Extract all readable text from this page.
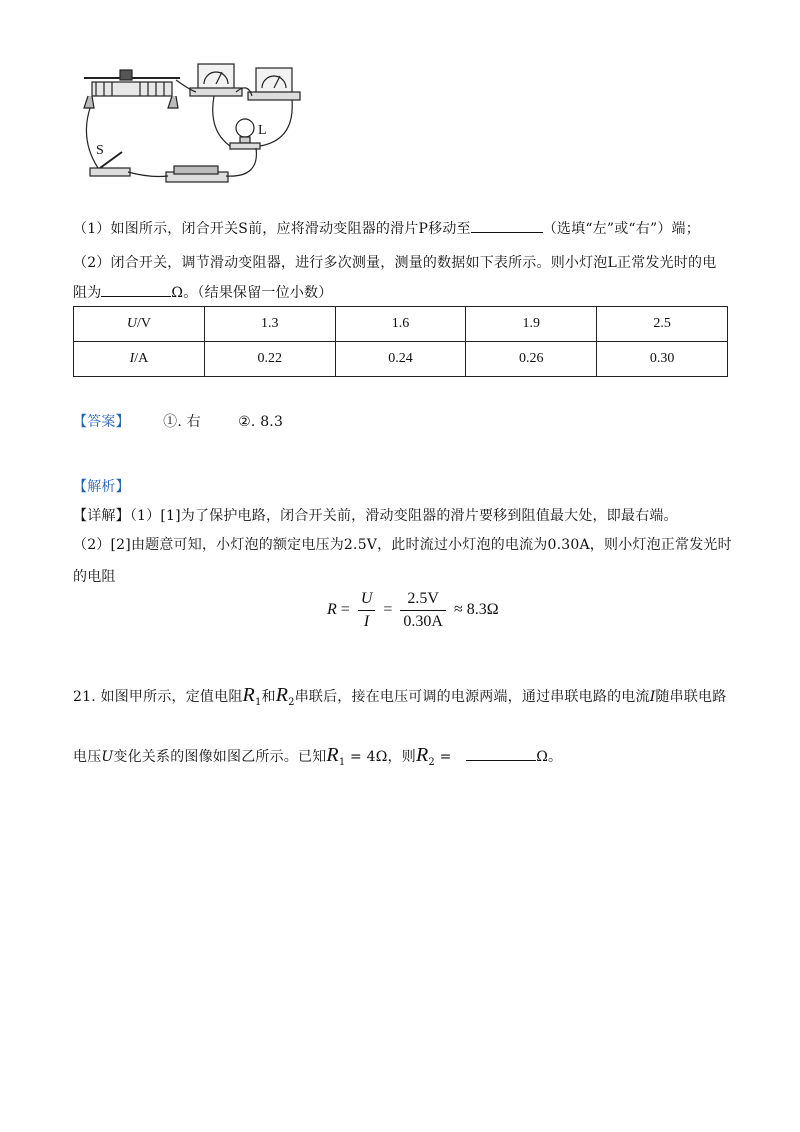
S
L
（1）如图所示，闭合开关S前，应将滑动变阻器的滑片P移动至	（选填“左”或“右”）端；
（2）闭合开关，调节滑动变阻器，进行多次测量，测量的数据如下表所示。则小灯泡L正常发光时的电
阻为	Ω。（结果保留一位小数）
U/V	1.3	1.6	1.9	2.5
I/A	0.22	0.24	0.26	0.30
【答案】 ①. 右	②. 8.3
【解析】
【详解】（1）[1]为了保护电路，闭合开关前，滑动变阻器的滑片要移到阻值最大处，即最右端。
（2）[2]由题意可知，小灯泡的额定电压为2.5V，此时流过小灯泡的电流为0.30A，则小灯泡正常发光时
的电阻
$R = \frac{U}{I} = \frac{2.5V}{0.30A} \approx 8.3\Omega$
21. 如图甲所示，定值电阻$R_1$和$R_2$串联后，接在电压可调的电源两端，通过串联电路的电流I随串联电路
电压U变化关系的图像如图乙所示。已知$R_1 = 4\Omega$，则$R_2$ =	Ω。
